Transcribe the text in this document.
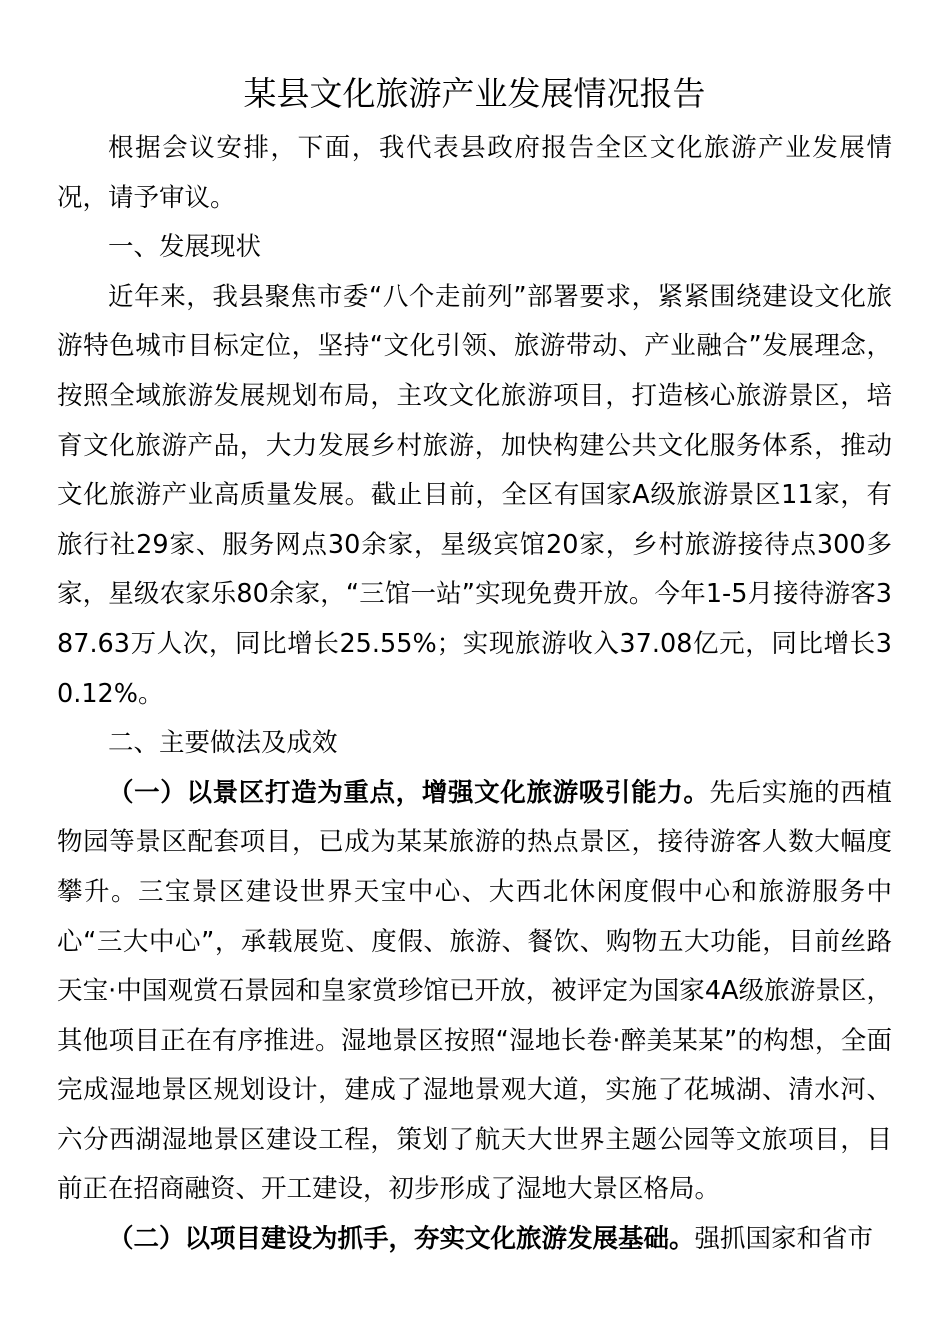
某县文化旅游产业发展情况报告

根据会议安排，下面，我代表县政府报告全区文化旅游产业发展情况，请予审议。

一、发展现状

近年来，我县聚焦市委“八个走前列”部署要求，紧紧围绕建设文化旅游特色城市目标定位，坚持“文化引领、旅游带动、产业融合”发展理念，按照全域旅游发展规划布局，主攻文化旅游项目，打造核心旅游景区，培育文化旅游产品，大力发展乡村旅游，加快构建公共文化服务体系，推动文化旅游产业高质量发展。截止目前，全区有国家A级旅游景区11家，有旅行社29家、服务网点30余家，星级宾馆20家，乡村旅游接待点300多家，星级农家乐80余家，“三馆一站”实现免费开放。今年1-5月接待游客387.63万人次，同比增长25.55%；实现旅游收入37.08亿元，同比增长30.12%。

二、主要做法及成效

（一）以景区打造为重点，增强文化旅游吸引能力。先后实施的西植物园等景区配套项目，已成为某某旅游的热点景区，接待游客人数大幅度攀升。三宝景区建设世界天宝中心、大西北休闲度假中心和旅游服务中心“三大中心”，承载展览、度假、旅游、餐饮、购物五大功能，目前丝路天宝·中国观赏石景园和皇家赏珍馆已开放，被评定为国家4A级旅游景区，其他项目正在有序推进。湿地景区按照“湿地长卷·醉美某某”的构想，全面完成湿地景区规划设计，建成了湿地景观大道，实施了花城湖、清水河、六分西湖湿地景区建设工程，策划了航天大世界主题公园等文旅项目，目前正在招商融资、开工建设，初步形成了湿地大景区格局。

（二）以项目建设为抓手，夯实文化旅游发展基础。强抓国家和省市
